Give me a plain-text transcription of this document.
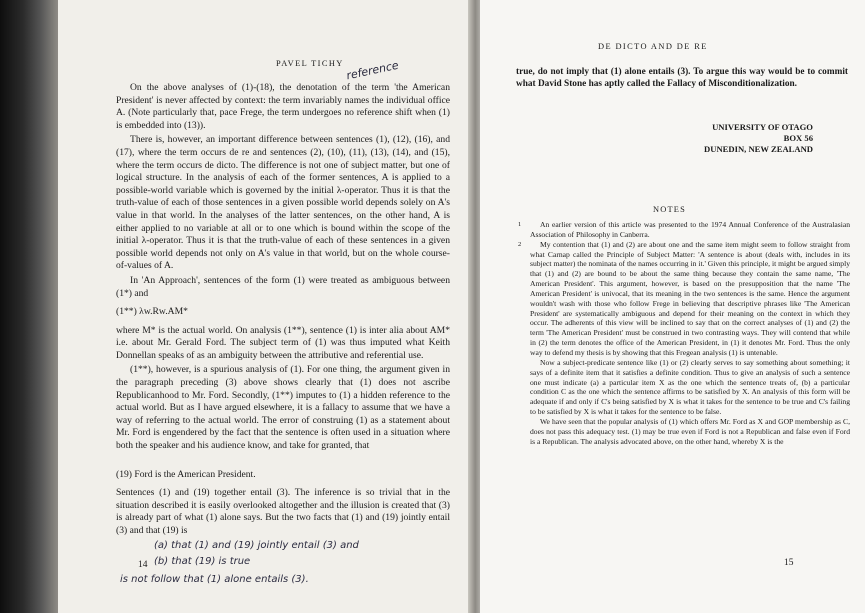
PAVEL TICHY reference

On the above analyses of (1)-(18), the denotation of the term 'the American President' is never affected by context: the term invariably names the individual office A. (Note particularly that, pace Frege, the term undergoes no reference shift when (1) is embedded into (13)).

There is, however, an important difference between sentences (1), (12), (16), and (17), where the term occurs de re and sentences (2), (10), (11), (13), (14), and (15), where the term occurs de dicto. The difference is not one of subject matter, but one of logical structure. In the analysis of each of the former sentences, A is applied to a possible-world variable which is governed by the initial λ-operator. Thus it is that the truth-value of each of those sentences in a given possible world depends solely on A's value in that world. In the analyses of the latter sentences, on the other hand, A is either applied to no variable at all or to one which is bound within the scope of the initial λ-operator. Thus it is that the truth-value of each of these sentences in a given possible world depends not only on A's value in that world, but on the whole course-of-values of A.

In 'An Approach', sentences of the form (1) were treated as ambiguous between (1*) and

(1**) λw.Rw.AM*

where M* is the actual world. On analysis (1**), sentence (1) is inter alia about AM* i.e. about Mr. Gerald Ford. The subject term of (1) was thus imputed what Keith Donnellan speaks of as an ambiguity between the attributive and referential use.

(1**), however, is a spurious analysis of (1). For one thing, the argument given in the paragraph preceding (3) above shows clearly that (1) does not ascribe Republicanhood to Mr. Ford. Secondly, (1**) imputes to (1) a hidden reference to the actual world. But as I have argued elsewhere, it is a fallacy to assume that we have a way of referring to the actual world. The error of construing (1) as a statement about Mr. Ford is engendered by the fact that the sentence is often used in a situation where both the speaker and his audience know, and take for granted, that

(19) Ford is the American President.

Sentences (1) and (19) together entail (3). The inference is so trivial that in the situation described it is easily overlooked altogether and the illusion is created that (3) is already part of what (1) alone says. But the two facts that (1) and (19) jointly entail (3) and that (19) is

(a) that (1) and (19) jointly entail (3) and
(b) that (19) is true
is not follow that (1) alone entails (3).
14
DE DICTO AND DE RE

true, do not imply that (1) alone entails (3). To argue this way would be to commit what David Stone has aptly called the Fallacy of Misconditionalization.

UNIVERSITY OF OTAGO
BOX 56
DUNEDIN, NEW ZEALAND
NOTES
1	An earlier version of this article was presented to the 1974 Annual Conference of the Australasian Association of Philosophy in Canberra.

2	My contention that (1) and (2) are about one and the same item might seem to follow straight from what Carnap called the Principle of Subject Matter: 'A sentence is about (deals with, includes in its subject matter) the nominata of the names occurring in it.' Given this principle, it might be argued simply that (1) and (2) are bound to be about the same thing because they contain the same name, 'The American President'. This argument, however, is based on the presupposition that the name 'The American President' is univocal, that its meaning in the two sentences is the same. Hence the argument wouldn't wash with those who follow Frege in believing that descriptive phrases like 'The American President' are systematically ambiguous and depend for their meaning on the context in which they occur. The adherents of this view will be inclined to say that on the correct analyses of (1) and (2) the term 'The American President' must be construed in two contrasting ways. They will contend that while in (2) the term denotes the office of the American President, in (1) it denotes Mr. Ford. Thus the only way to defend my thesis is by showing that this Fregean analysis (1) is untenable.

Now a subject-predicate sentence like (1) or (2) clearly serves to say something about something; it says of a definite item that it satisfies a definite condition. Thus to give an analysis of such a sentence one must indicate (a) a particular item X as the one which the sentence treats of, (b) a particular condition C as the one which the sentence affirms to be satisfied by X. An analysis of this form will be adequate if and only if C's being satisfied by X is what it takes for the sentence to be true and C's failing to be satisfied by X is what it takes for the sentence to be false.

We have seen that the popular analysis of (1) which offers Mr. Ford as X and GOP membership as C, does not pass this adequacy test. (1) may be true even if Ford is not a Republican and false even if Ford is a Republican. The analysis advocated above, on the other hand, whereby X is the

15
